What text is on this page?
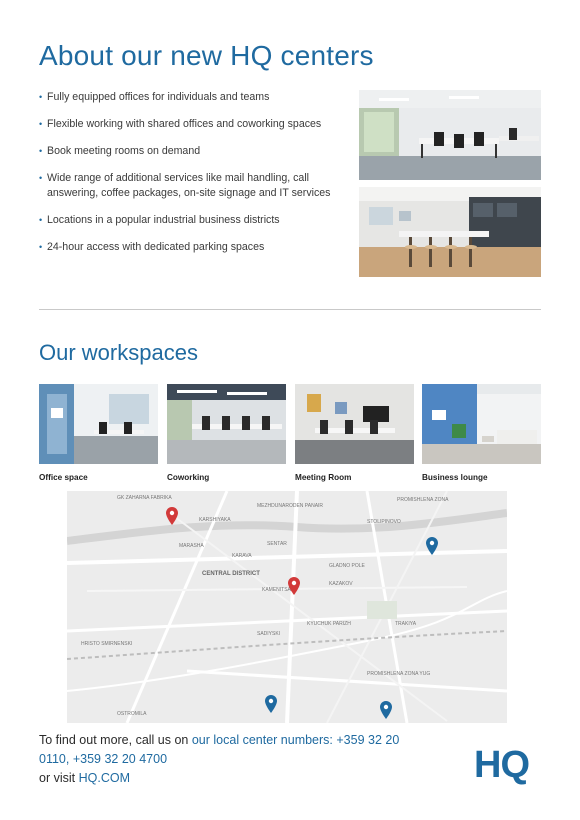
About our new HQ centers
• Fully equipped offices for individuals and teams
• Flexible working with shared offices and coworking spaces
• Book meeting rooms on demand
• Wide range of additional services like mail handling, call answering, coffee packages, on-site signage and IT services
• Locations in a popular industrial business districts
• 24-hour access with dedicated parking spaces
Our workspaces
Office space	Coworking	Meeting Room	Business lounge
GK ZAHARNA FABRIKA
KARSHIYAKA
MEZHDUNARODEN PANAIR
PROMISHLENA ZONA
STOLIPINOVO
MARASHA
KARAVA
SENTAR
CENTRAL DISTRICT
KAMENITSA
GLADNO POLE
KAZAKOV
HRISTO SMIRNENSKI
TRAKIYA
SADIYSKI
KYUCHUK PARIZH
PROMISHLENA ZONA YUG
OSTROMILA
To find out more, call us on our local center numbers: +359 32 20
0110, +359 32 20 4700
or visit HQ.COM	HQ
